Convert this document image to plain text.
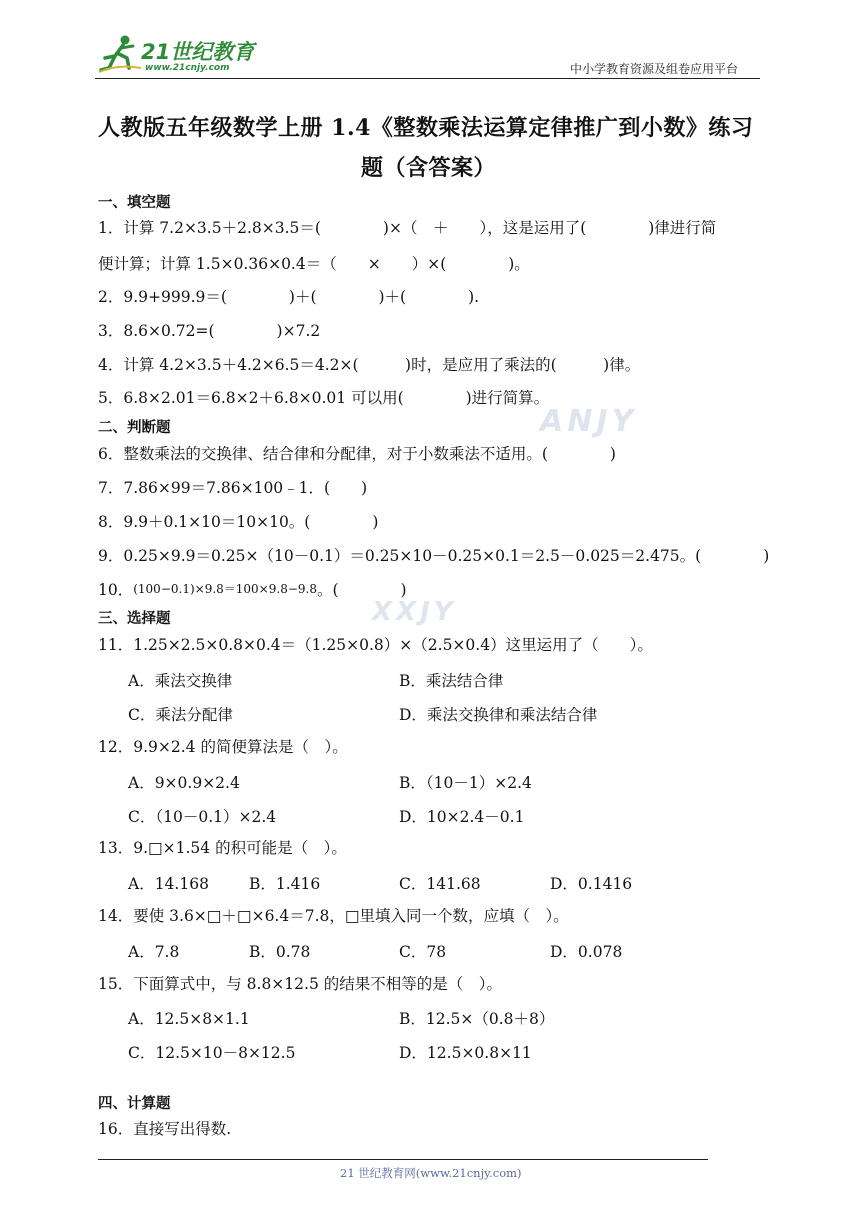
21世纪教育
www.21cnjy.com	中小学教育资源及组卷应用平台
人教版五年级数学上册 1.4《整数乘法运算定律推广到小数》练习
题（含答案）
ANJY
XXJY
一、填空题
1．计算 7.2×3.5＋2.8×3.5＝(　　　　)×（　＋　　），这是运用了(　　　　)律进行简
便计算；计算 1.5×0.36×0.4＝（　　×　　）×(　　　　)。
2．9.9+999.9＝(　　　　)＋(　　　　)＋(　　　　).
3．8.6×0.72=(　　　　)×7.2
4．计算 4.2×3.5＋4.2×6.5＝4.2×(　　　)时，是应用了乘法的(　　　)律。
5．6.8×2.01＝6.8×2＋6.8×0.01 可以用(　　　　)进行简算。
二、判断题
6．整数乘法的交换律、结合律和分配律，对于小数乘法不适用。(　　　　)
7．7.86×99＝7.86×100﹣1．(　　)
8．9.9＋0.1×10＝10×10。(　　　　)
9．0.25×9.9＝0.25×（10－0.1）＝0.25×10－0.25×0.1＝2.5－0.025＝2.475。(　　　　)
10．(100−0.1)×9.8＝100×9.8−9.8。(　　　　)
三、选择题
11．1.25×2.5×0.8×0.4＝（1.25×0.8）×（2.5×0.4）这里运用了（　　）。
A．乘法交换律	B．乘法结合律
C．乘法分配律	D．乘法交换律和乘法结合律
12．9.9×2.4 的简便算法是（　）。
A．9×0.9×2.4	B．（10－1）×2.4
C．（10－0.1）×2.4	D．10×2.4－0.1
13．9.□×1.54 的积可能是（　）。
A．14.168	B．1.416	C．141.68	D．0.1416
14．要使 3.6×□＋□×6.4＝7.8，□里填入同一个数，应填（　）。
A．7.8	B．0.78	C．78	D．0.078
15．下面算式中，与 8.8×12.5 的结果不相等的是（　）。
A．12.5×8×1.1	B．12.5×（0.8＋8）
C．12.5×10－8×12.5	D．12.5×0.8×11
四、计算题
16．直接写出得数.
21 世纪教育网(www.21cnjy.com)
